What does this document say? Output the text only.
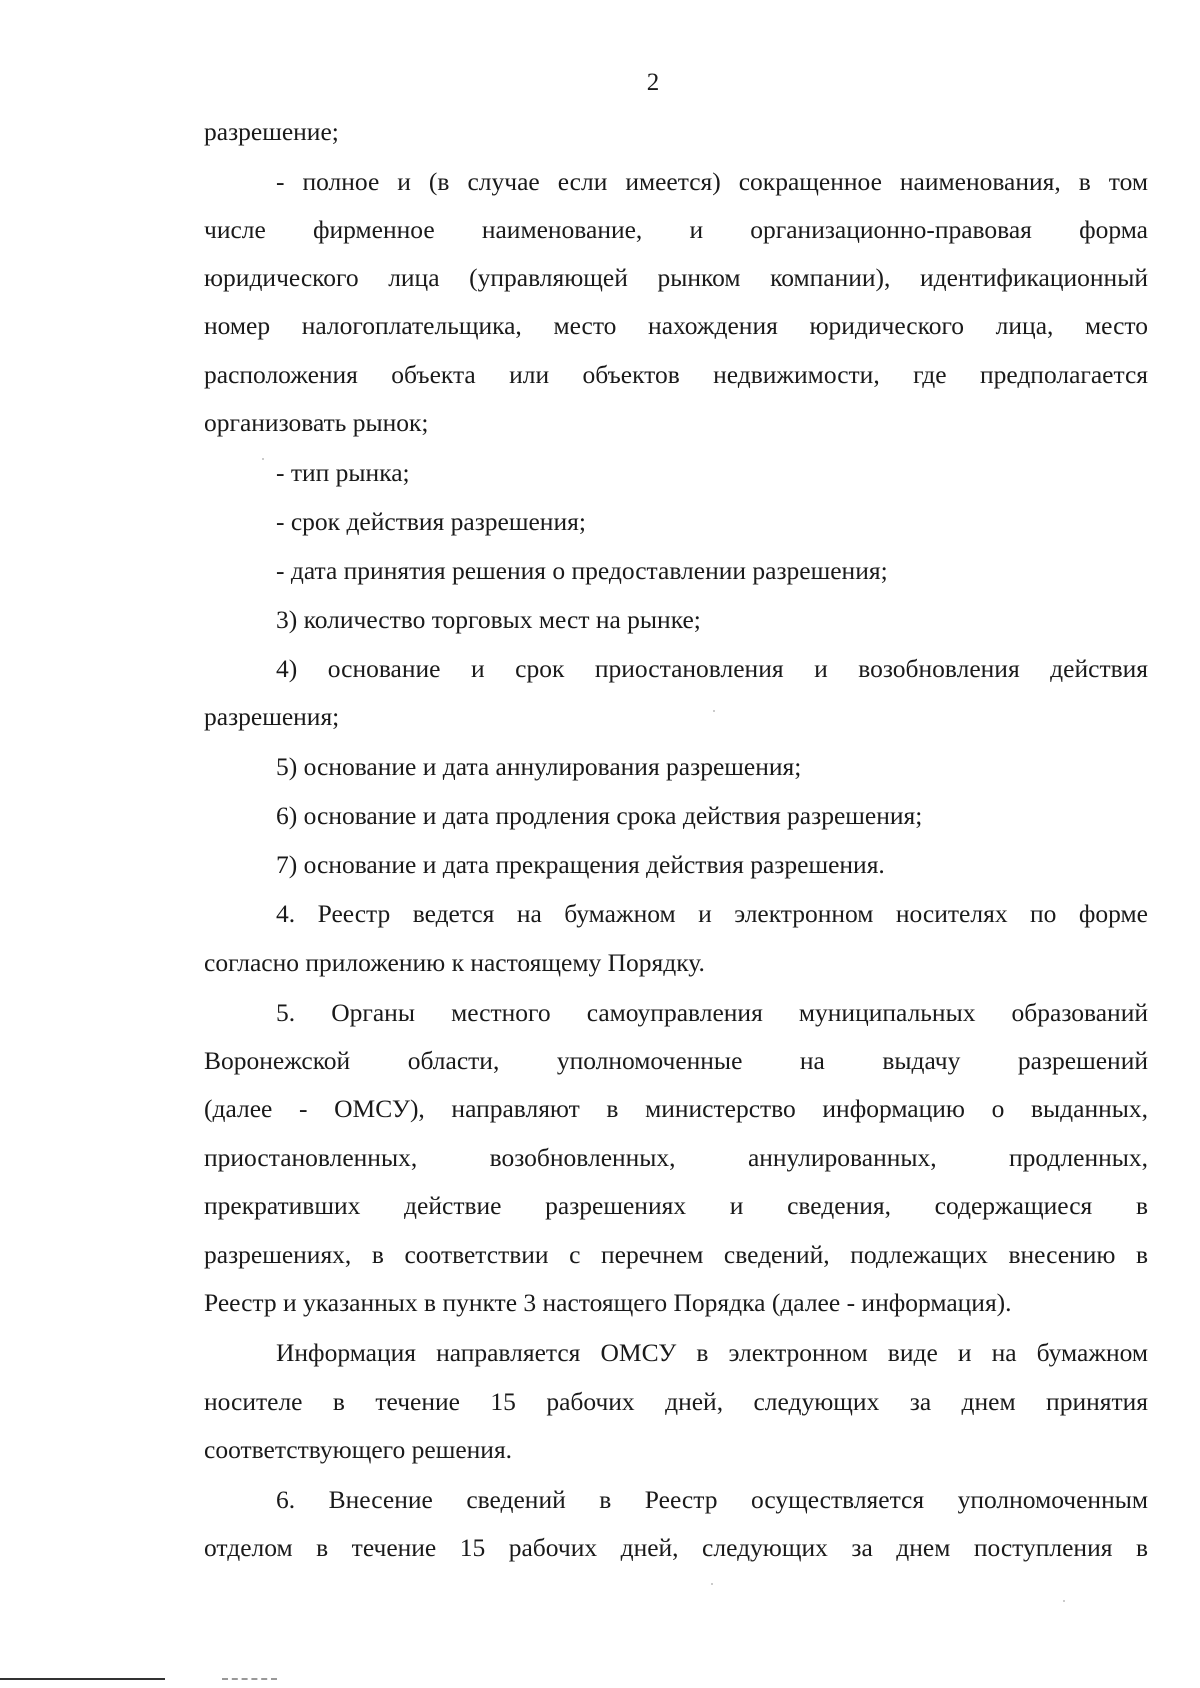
2
разрешение;
- полное и (в случае если имеется) сокращенное наименования, в том
числе фирменное наименование, и организационно-правовая форма
юридического лица (управляющей рынком компании), идентификационный
номер налогоплательщика, место нахождения юридического лица, место
расположения объекта или объектов недвижимости, где предполагается
организовать рынок;
- тип рынка;
- срок действия разрешения;
- дата принятия решения о предоставлении разрешения;
3) количество торговых мест на рынке;
4) основание и срок приостановления и возобновления действия
разрешения;
5) основание и дата аннулирования разрешения;
6) основание и дата продления срока действия разрешения;
7) основание и дата прекращения действия разрешения.
4. Реестр ведется на бумажном и электронном носителях по форме
согласно приложению к настоящему Порядку.
5. Органы местного самоуправления муниципальных образований
Воронежской области, уполномоченные на выдачу разрешений
(далее - ОМСУ), направляют в министерство информацию о выданных,
приостановленных, возобновленных, аннулированных, продленных,
прекративших действие разрешениях и сведения, содержащиеся в
разрешениях, в соответствии с перечнем сведений, подлежащих внесению в
Реестр и указанных в пункте 3 настоящего Порядка (далее - информация).
Информация направляется ОМСУ в электронном виде и на бумажном
носителе в течение 15 рабочих дней, следующих за днем принятия
соответствующего решения.
6. Внесение сведений в Реестр осуществляется уполномоченным
отделом в течение 15 рабочих дней, следующих за днем поступления в
